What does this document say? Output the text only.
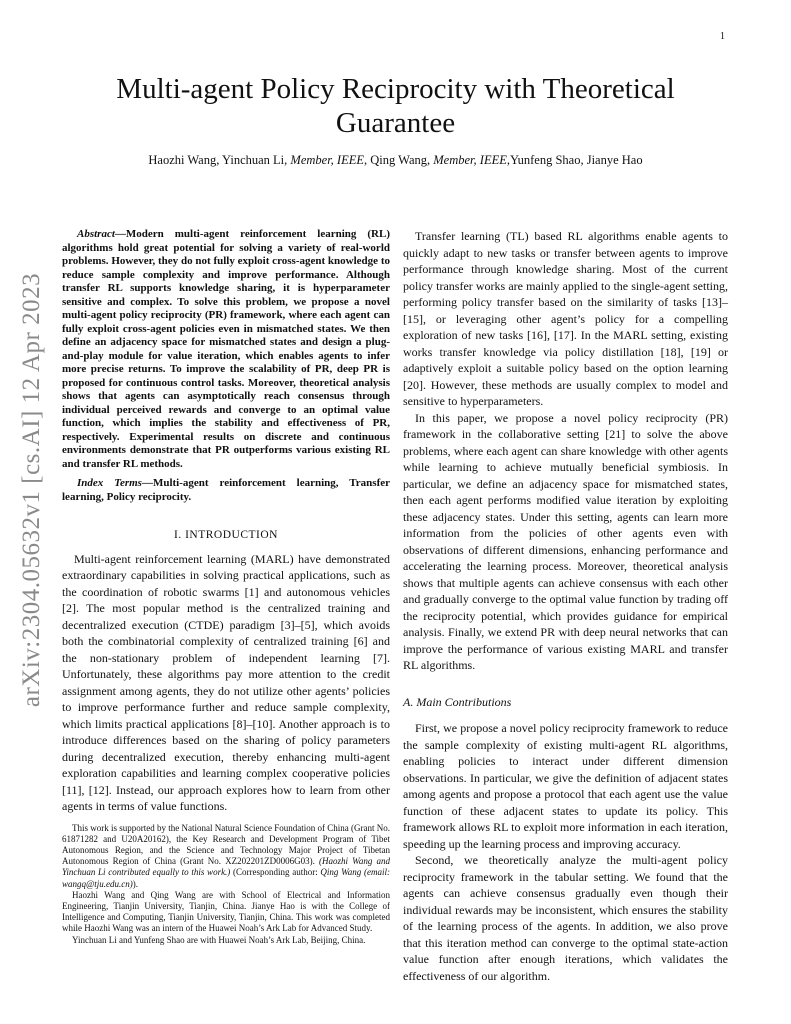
1
arXiv:2304.05632v1 [cs.AI] 12 Apr 2023
Multi-agent Policy Reciprocity with Theoretical Guarantee
Haozhi Wang, Yinchuan Li, Member, IEEE, Qing Wang, Member, IEEE,Yunfeng Shao, Jianye Hao

Abstract—Modern multi-agent reinforcement learning (RL) algorithms hold great potential for solving a variety of real-world problems. However, they do not fully exploit cross-agent knowledge to reduce sample complexity and improve performance. Although transfer RL supports knowledge sharing, it is hyperparameter sensitive and complex. To solve this problem, we propose a novel multi-agent policy reciprocity (PR) framework, where each agent can fully exploit cross-agent policies even in mismatched states. We then define an adjacency space for mismatched states and design a plug-and-play module for value iteration, which enables agents to infer more precise returns. To improve the scalability of PR, deep PR is proposed for continuous control tasks. Moreover, theoretical analysis shows that agents can asymptotically reach consensus through individual perceived rewards and converge to an optimal value function, which implies the stability and effectiveness of PR, respectively. Experimental results on discrete and continuous environments demonstrate that PR outperforms various existing RL and transfer RL methods.

Index Terms—Multi-agent reinforcement learning, Transfer learning, Policy reciprocity.

I. INTRODUCTION

Multi-agent reinforcement learning (MARL) have demonstrated extraordinary capabilities in solving practical applications, such as the coordination of robotic swarms [1] and autonomous vehicles [2]. The most popular method is the centralized training and decentralized execution (CTDE) paradigm [3]–[5], which avoids both the combinatorial complexity of centralized training [6] and the non-stationary problem of independent learning [7]. Unfortunately, these algorithms pay more attention to the credit assignment among agents, they do not utilize other agents’ policies to improve performance further and reduce sample complexity, which limits practical applications [8]–[10]. Another approach is to introduce differences based on the sharing of policy parameters during decentralized execution, thereby enhancing multi-agent exploration capabilities and learning complex cooperative policies [11], [12]. Instead, our approach explores how to learn from other agents in terms of value functions.

This work is supported by the National Natural Science Foundation of China (Grant No. 61871282 and U20A20162), the Key Research and Development Program of Tibet Autonomous Region, and the Science and Technology Major Project of Tibetan Autonomous Region of China (Grant No. XZ202201ZD0006G03). (Haozhi Wang and Yinchuan Li contributed equally to this work.) (Corresponding author: Qing Wang (email: wangq@tju.edu.cn)).

Haozhi Wang and Qing Wang are with School of Electrical and Information Engineering, Tianjin University, Tianjin, China. Jianye Hao is with the College of Intelligence and Computing, Tianjin University, Tianjin, China. This work was completed while Haozhi Wang was an intern of the Huawei Noah’s Ark Lab for Advanced Study.

Yinchuan Li and Yunfeng Shao are with Huawei Noah’s Ark Lab, Beijing, China.

Transfer learning (TL) based RL algorithms enable agents to quickly adapt to new tasks or transfer between agents to improve performance through knowledge sharing. Most of the current policy transfer works are mainly applied to the single-agent setting, performing policy transfer based on the similarity of tasks [13]–[15], or leveraging other agent’s policy for a compelling exploration of new tasks [16], [17]. In the MARL setting, existing works transfer knowledge via policy distillation [18], [19] or adaptively exploit a suitable policy based on the option learning [20]. However, these methods are usually complex to model and sensitive to hyperparameters.

In this paper, we propose a novel policy reciprocity (PR) framework in the collaborative setting [21] to solve the above problems, where each agent can share knowledge with other agents while learning to achieve mutually beneficial symbiosis. In particular, we define an adjacency space for mismatched states, then each agent performs modified value iteration by exploiting these adjacency states. Under this setting, agents can learn more information from the policies of other agents even with observations of different dimensions, enhancing performance and accelerating the learning process. Moreover, theoretical analysis shows that multiple agents can achieve consensus with each other and gradually converge to the optimal value function by trading off the reciprocity potential, which provides guidance for empirical analysis. Finally, we extend PR with deep neural networks that can improve the performance of various existing MARL and transfer RL algorithms.

A. Main Contributions

First, we propose a novel policy reciprocity framework to reduce the sample complexity of existing multi-agent RL algorithms, enabling policies to interact under different dimension observations. In particular, we give the definition of adjacent states among agents and propose a protocol that each agent use the value function of these adjacent states to update its policy. This framework allows RL to exploit more information in each iteration, speeding up the learning process and improving accuracy.

Second, we theoretically analyze the multi-agent policy reciprocity framework in the tabular setting. We found that the agents can achieve consensus gradually even though their individual rewards may be inconsistent, which ensures the stability of the learning process of the agents. In addition, we also prove that this iteration method can converge to the optimal state-action value function after enough iterations, which validates the effectiveness of our algorithm.
